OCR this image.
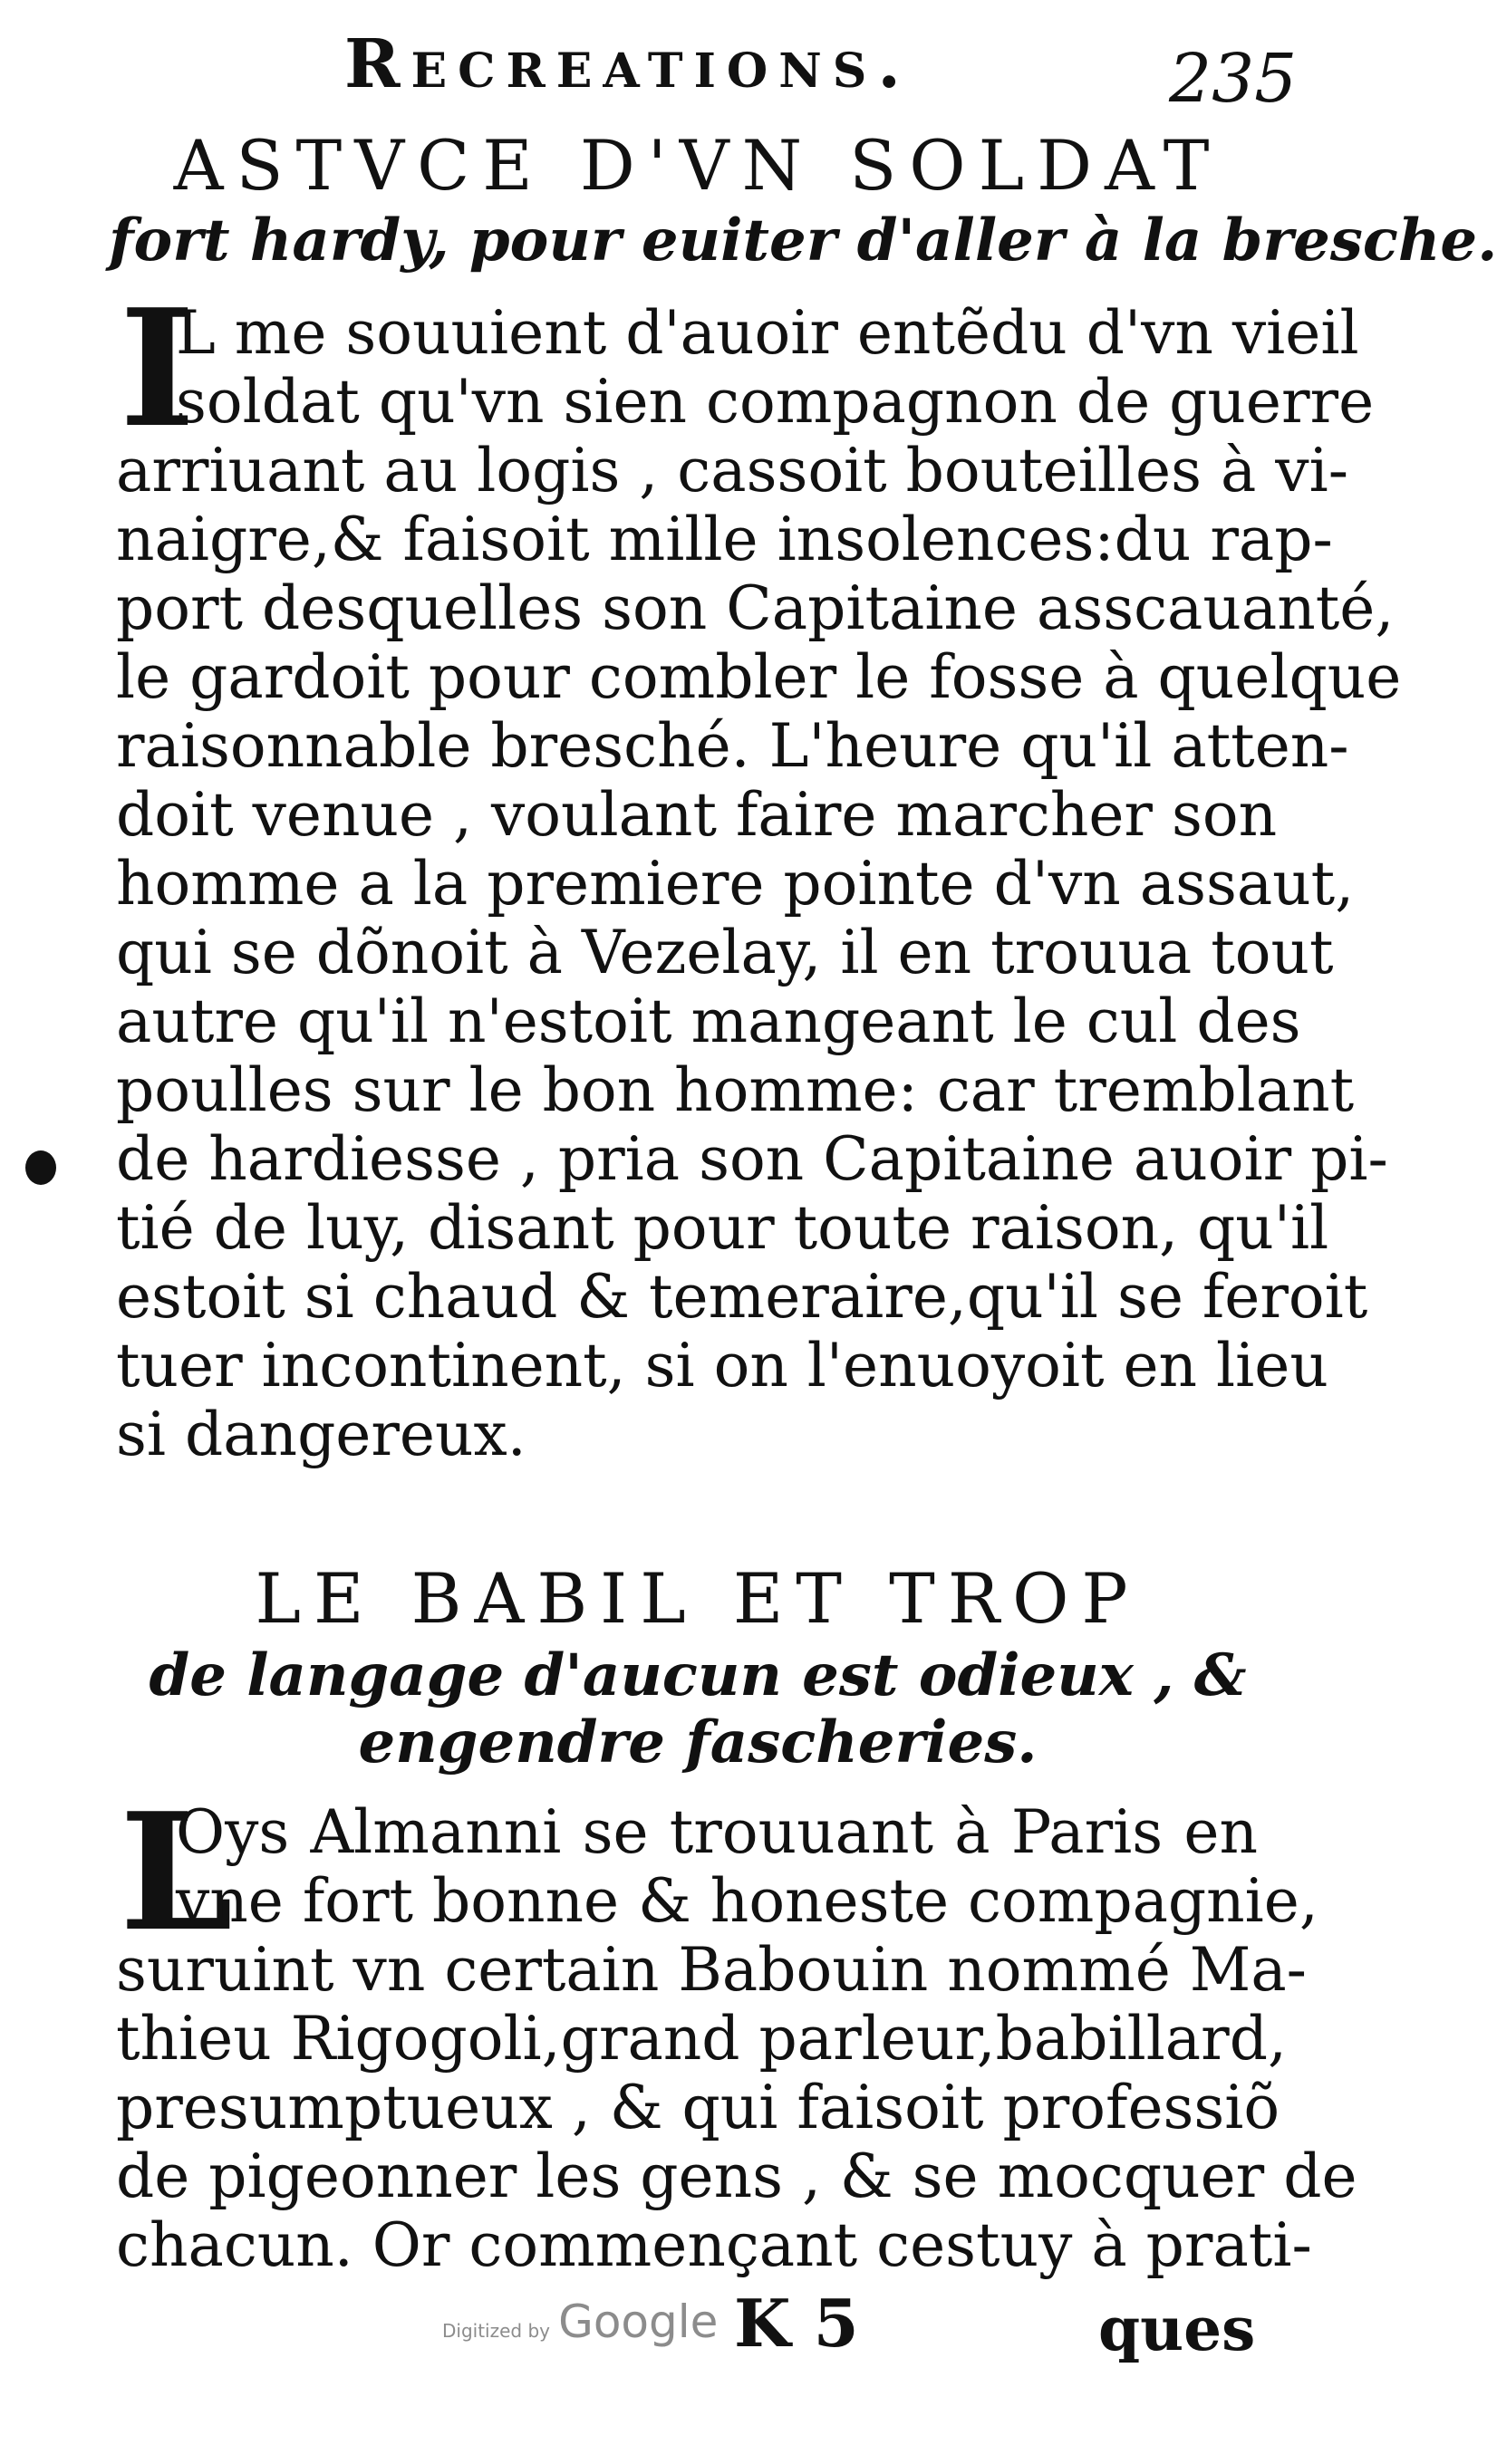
Recreations.	235
ASTVCE D'VN SOLDAT
fort hardy, pour euiter d'aller à la bresche.
I
L me souuient d'auoir entẽdu d'vn vieil
soldat qu'vn sien compagnon de guerre
arriuant au logis , cassoit bouteilles à vi-
naigre,& faisoit mille insolences:du rap-
port desquelles son Capitaine asscauanté,
le gardoit pour combler le fosse à quelque
raisonnable bresché. L'heure qu'il atten-
doit venue , voulant faire marcher son
homme a la premiere pointe d'vn assaut,
qui se dõnoit à Vezelay, il en trouua tout
autre qu'il n'estoit mangeant le cul des
poulles sur le bon homme: car tremblant
de hardiesse , pria son Capitaine auoir pi-
tié de luy, disant pour toute raison, qu'il
estoit si chaud & temeraire,qu'il se feroit
tuer incontinent, si on l'enuoyoit en lieu
si dangereux.
LE BABIL ET TROP
de langage d'aucun est odieux , &
engendre fascheries.
L
Oys Almanni se trouuant à Paris en
vne fort bonne & honeste compagnie,
suruint vn certain Babouin nommé Ma-
thieu Rigogoli,grand parleur,babillard,
presumptueux , & qui faisoit professiõ
de pigeonner les gens , & se mocquer de
chacun. Or commençant cestuy à prati-
Digitized by Google K 5	ques
